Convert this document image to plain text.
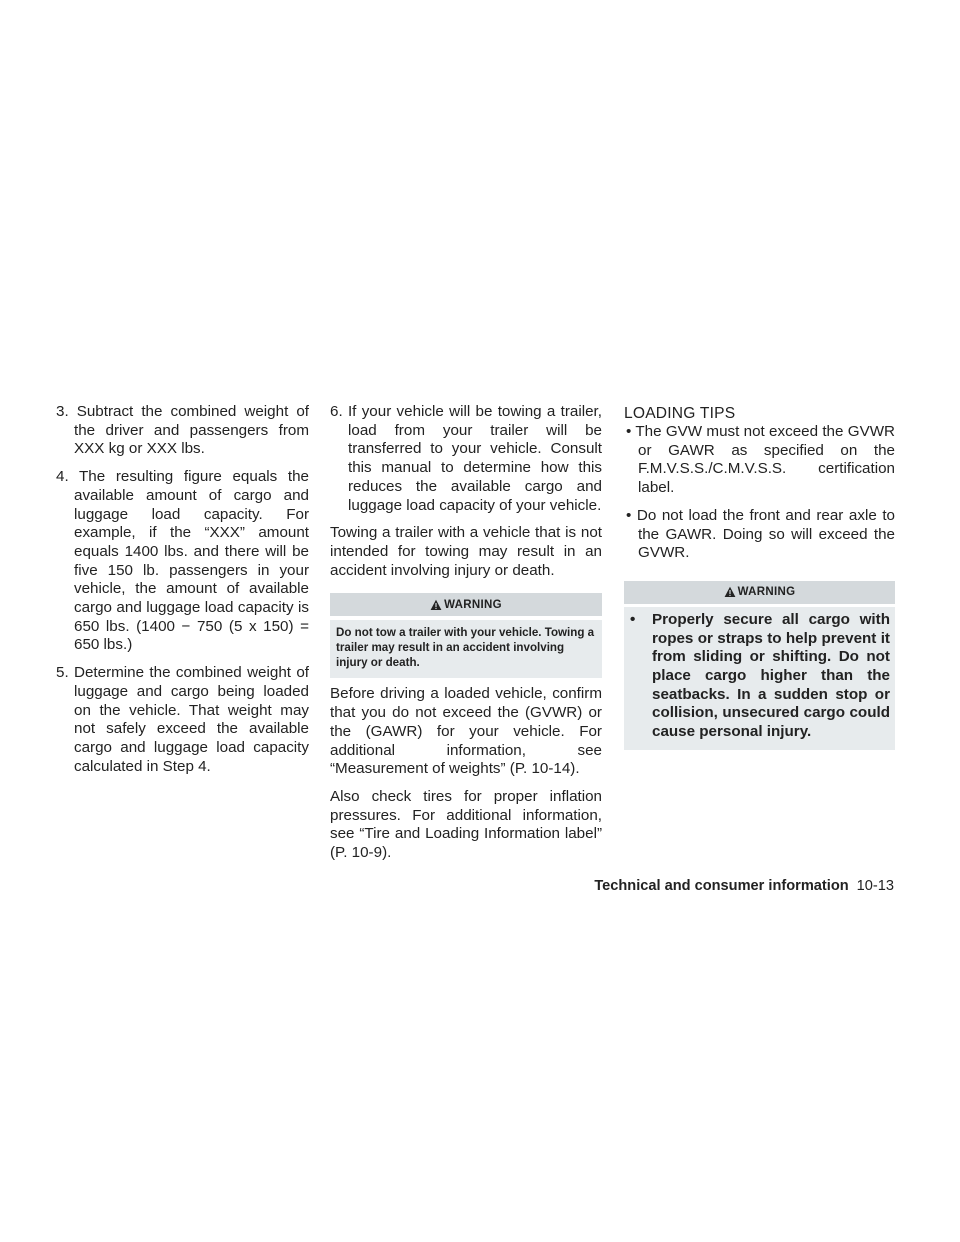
3. Subtract the combined weight of the driver and passengers from XXX kg or XXX lbs.

4. The resulting figure equals the available amount of cargo and luggage load capacity. For example, if the “XXX” amount equals 1400 lbs. and there will be five 150 lb. passengers in your vehicle, the amount of available cargo and luggage load capacity is 650 lbs. (1400 − 750 (5 x 150) = 650 lbs.)

5. Determine the combined weight of luggage and cargo being loaded on the vehicle. That weight may not safely exceed the available cargo and luggage load capacity calculated in Step 4.

6. If your vehicle will be towing a trailer, load from your trailer will be transferred to your vehicle. Consult this manual to determine how this reduces the available cargo and luggage load capacity of your vehicle.

Towing a trailer with a vehicle that is not intended for towing may result in an accident involving injury or death.

WARNING
Do not tow a trailer with your vehicle. Towing a trailer may result in an accident involving injury or death.

Before driving a loaded vehicle, confirm that you do not exceed the (GVWR) or the (GAWR) for your vehicle. For additional information, see “Measurement of weights” (P. 10-14).

Also check tires for proper inflation pressures. For additional information, see “Tire and Loading Information label” (P. 10-9).

LOADING TIPS

• The GVW must not exceed the GVWR or GAWR as specified on the F.M.V.S.S./C.M.V.S.S. certification label.

• Do not load the front and rear axle to the GAWR. Doing so will exceed the GVWR.

WARNING
•	Properly secure all cargo with ropes or straps to help prevent it from sliding or shifting. Do not place cargo higher than the seatbacks. In a sudden stop or collision, unsecured cargo could cause personal injury.
Technical and consumer information 10-13
